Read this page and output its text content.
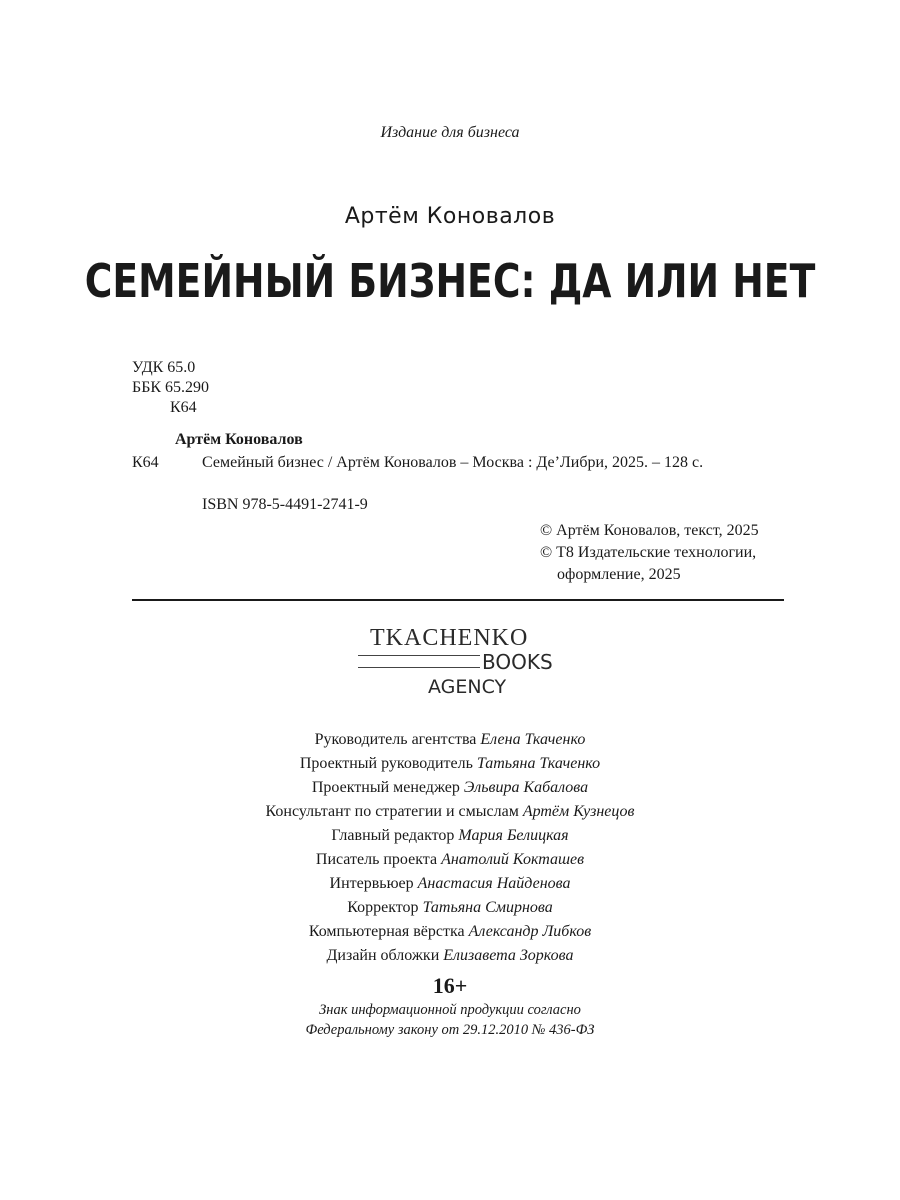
Издание для бизнеса
Артём Коновалов
СЕМЕЙНЫЙ БИЗНЕС: ДА ИЛИ НЕТ
УДК 65.0
ББК 65.290
К64
Артём Коновалов
К64	Семейный бизнес / Артём Коновалов – Москва : Де’Либри, 2025. – 128 с.
ISBN 978-5-4491-2741-9
© Артём Коновалов, текст, 2025
© Т8 Издательские технологии,
оформление, 2025
TKACHENKO
BOOKS
AGENCY
Руководитель агентства Елена Ткаченко
Проектный руководитель Татьяна Ткаченко
Проектный менеджер Эльвира Кабалова
Консультант по стратегии и смыслам Артём Кузнецов
Главный редактор Мария Белицкая
Писатель проекта Анатолий Кокташев
Интервьюер Анастасия Найденова
Корректор Татьяна Смирнова
Компьютерная вёрстка Александр Либков
Дизайн обложки Елизавета Зоркова
16+
Знак информационной продукции согласно
Федеральному закону от 29.12.2010 № 436-ФЗ
